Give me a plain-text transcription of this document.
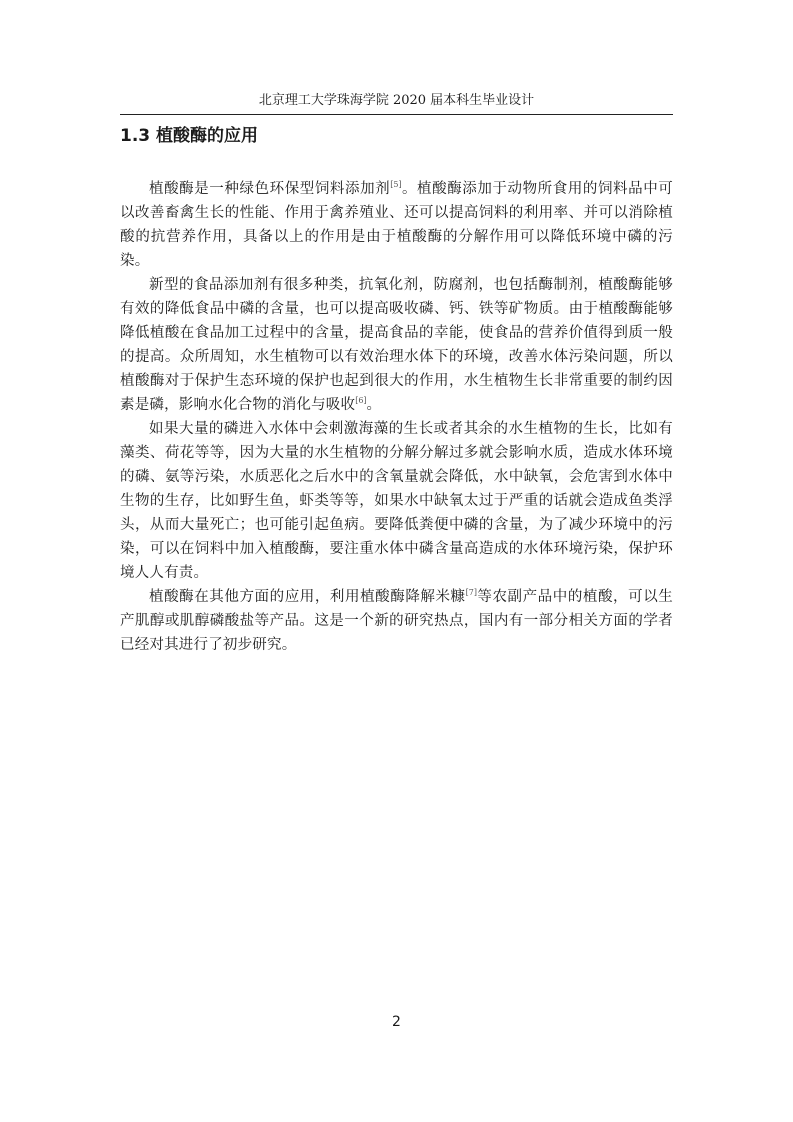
北京理工大学珠海学院 2020 届本科生毕业设计
1.3 植酸酶的应用

植酸酶是一种绿色环保型饲料添加剂[5]。植酸酶添加于动物所食用的饲料品中可以改善畜禽生长的性能、作用于禽养殖业、还可以提高饲料的利用率、并可以消除植酸的抗营养作用，具备以上的作用是由于植酸酶的分解作用可以降低环境中磷的污染。

新型的食品添加剂有很多种类，抗氧化剂，防腐剂，也包括酶制剂，植酸酶能够有效的降低食品中磷的含量，也可以提高吸收磷、钙、铁等矿物质。由于植酸酶能够降低植酸在食品加工过程中的含量，提高食品的幸能，使食品的营养价值得到质一般的提高。众所周知，水生植物可以有效治理水体下的环境，改善水体污染问题，所以植酸酶对于保护生态环境的保护也起到很大的作用，水生植物生长非常重要的制约因素是磷，影响水化合物的消化与吸收[6]。

如果大量的磷进入水体中会刺激海藻的生长或者其余的水生植物的生长，比如有藻类、荷花等等，因为大量的水生植物的分解分解过多就会影响水质，造成水体环境的磷、氨等污染，水质恶化之后水中的含氧量就会降低，水中缺氧，会危害到水体中生物的生存，比如野生鱼，虾类等等，如果水中缺氧太过于严重的话就会造成鱼类浮头，从而大量死亡；也可能引起鱼病。要降低粪便中磷的含量，为了减少环境中的污染，可以在饲料中加入植酸酶，要注重水体中磷含量高造成的水体环境污染，保护环境人人有责。

植酸酶在其他方面的应用，利用植酸酶降解米糠[7]等农副产品中的植酸，可以生产肌醇或肌醇磷酸盐等产品。这是一个新的研究热点，国内有一部分相关方面的学者已经对其进行了初步研究。

2
